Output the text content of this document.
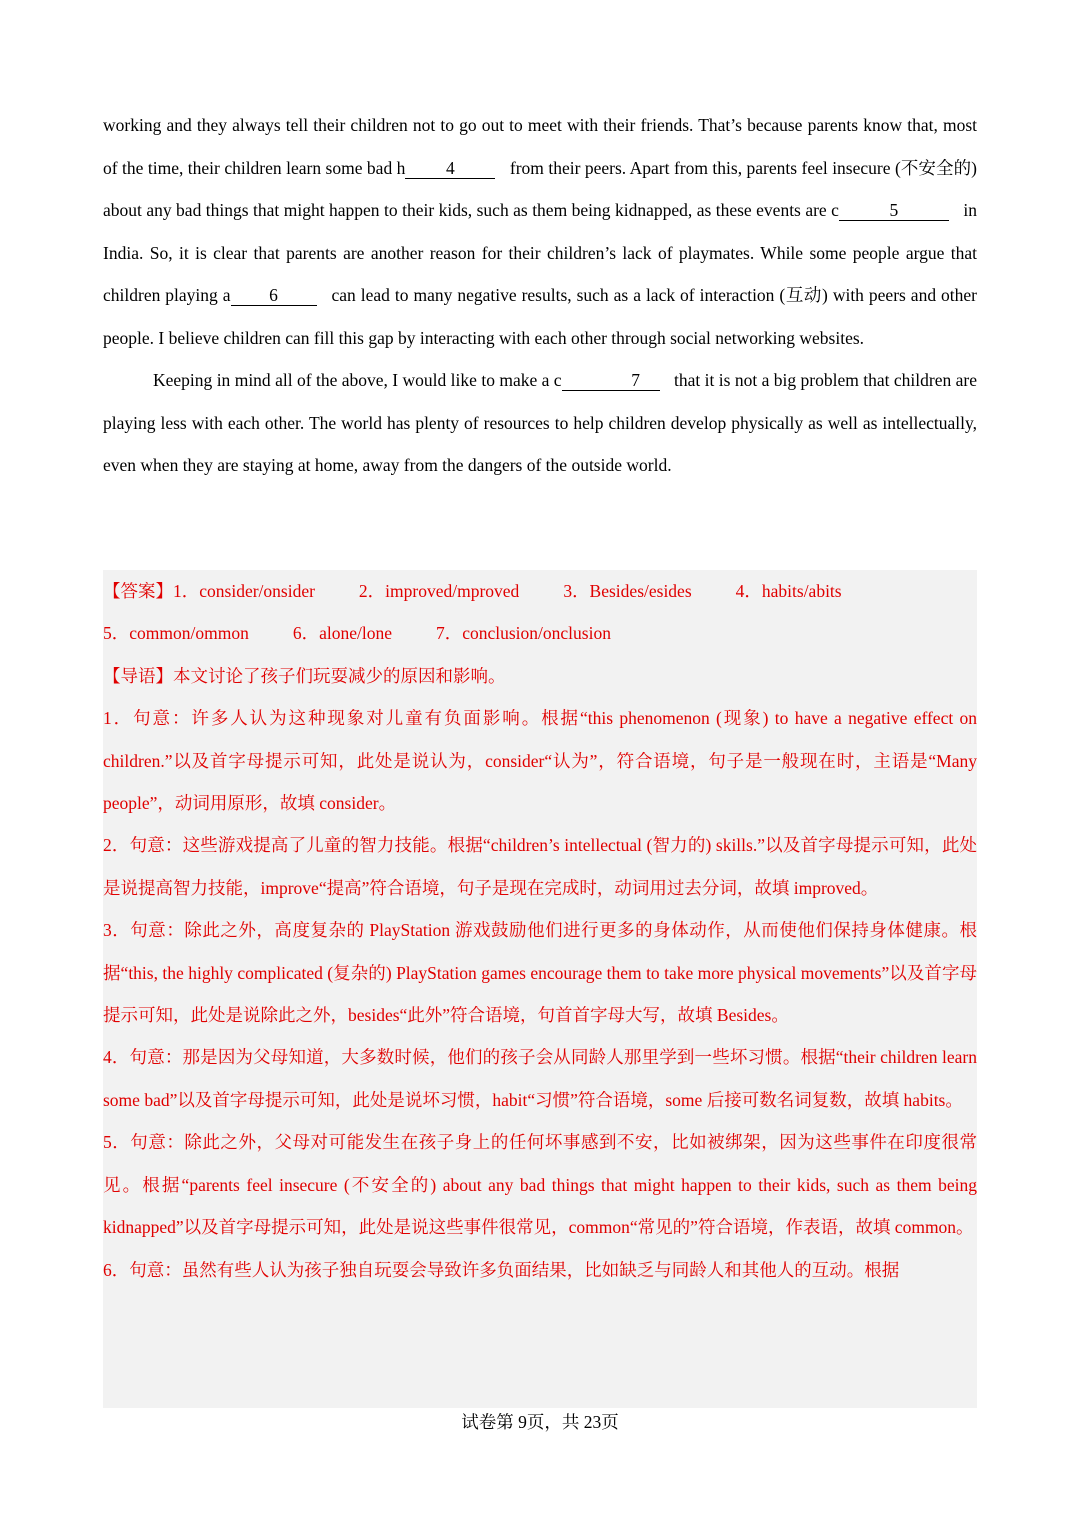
working and they always tell their children not to go out to meet with their friends. That’s because parents know that, most of the time, their children learn some bad h 4	from their peers. Apart from this, parents feel insecure (不安全的) about any bad things that might happen to their kids, such as them being kidnapped, as these events are c	5	in India. So, it is clear that parents are another reason for their children’s lack of playmates. While some people argue that children playing a 6	can lead to many negative results, such as a lack of interaction (互动) with peers and other people. I believe children can fill this gap by interacting with each other through social networking websites.

Keeping in mind all of the above, I would like to make a c	7 that it is not a big problem that children are playing less with each other. The world has plenty of resources to help children develop physically as well as intellectually, even when they are staying at home, away from the dangers of the outside world.

【答案】1．consider/onsider	2．improved/mproved	3．Besides/esides	4．habits/abits
5．common/ommon	6．alone/lone	7．conclusion/onclusion

【导语】本文讨论了孩子们玩耍减少的原因和影响。

1．句意：许多人认为这种现象对儿童有负面影响。根据“this phenomenon (现象) to have a negative effect on children.”以及首字母提示可知，此处是说认为，consider“认为”，符合语境，句子是一般现在时，主语是“Many people”，动词用原形，故填 consider。

2．句意：这些游戏提高了儿童的智力技能。根据“children’s intellectual (智力的) skills.”以及首字母提示可知，此处是说提高智力技能，improve“提高”符合语境，句子是现在完成时，动词用过去分词，故填 improved。

3．句意：除此之外，高度复杂的 PlayStation 游戏鼓励他们进行更多的身体动作，从而使他们保持身体健康。根据“this, the highly complicated (复杂的) PlayStation games encourage them to take more physical movements”以及首字母提示可知，此处是说除此之外，besides“此外”符合语境，句首首字母大写，故填 Besides。

4．句意：那是因为父母知道，大多数时候，他们的孩子会从同龄人那里学到一些坏习惯。根据“their children learn some bad”以及首字母提示可知，此处是说坏习惯，habit“习惯”符合语境，some 后接可数名词复数，故填 habits。

5．句意：除此之外，父母对可能发生在孩子身上的任何坏事感到不安，比如被绑架，因为这些事件在印度很常见。根据“parents feel insecure (不安全的) about any bad things that might happen to their kids, such as them being kidnapped”以及首字母提示可知，此处是说这些事件很常见，common“常见的”符合语境，作表语，故填 common。

6．句意：虽然有些人认为孩子独自玩耍会导致许多负面结果，比如缺乏与同龄人和其他人的互动。根据

试卷第 9页，共 23页
